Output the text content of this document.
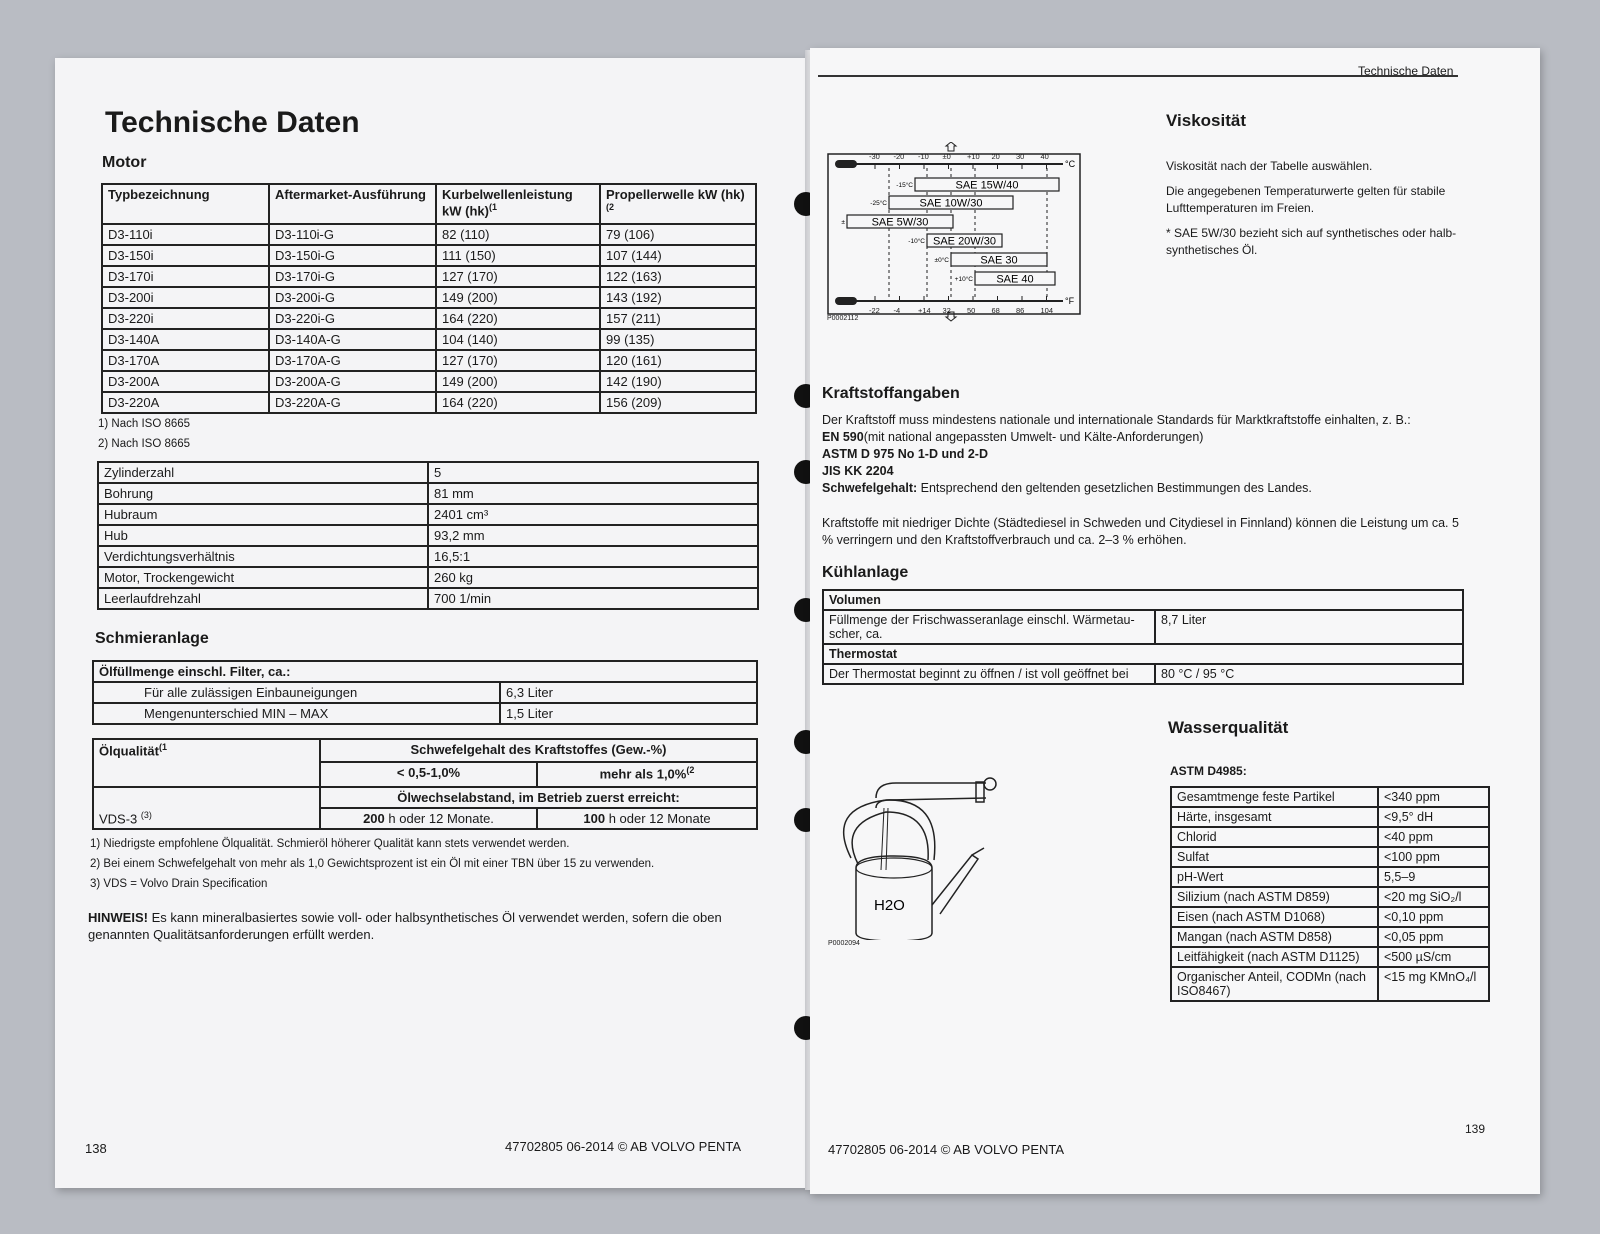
Technische Daten
Motor
Typbezeichnung	Aftermarket-Ausführung	Kurbelwellenleistung kW (hk)$^{(1}$	Propellerwelle kW (hk)$^{(2}$
D3-110i	D3-110i-G	82 (110)	79 (106)
D3-150i	D3-150i-G	111 (150)	107 (144)
D3-170i	D3-170i-G	127 (170)	122 (163)
D3-200i	D3-200i-G	149 (200)	143 (192)
D3-220i	D3-220i-G	164 (220)	157 (211)
D3-140A	D3-140A-G	104 (140)	99 (135)
D3-170A	D3-170A-G	127 (170)	120 (161)
D3-200A	D3-200A-G	149 (200)	142 (190)
D3-220A	D3-220A-G	164 (220)	156 (209)
1) Nach ISO 8665
2) Nach ISO 8665
Zylinderzahl	5
Bohrung	81 mm
Hubraum	2401 cm³
Hub	93,2 mm
Verdichtungsverhältnis	16,5:1
Motor, Trockengewicht	260 kg
Leerlaufdrehzahl	700 1/min
Schmieranlage
Ölfüllmenge einschl. Filter, ca.:	
Für alle zulässigen Einbauneigungen	6,3 Liter
Mengenunterschied MIN – MAX	1,5 Liter
Ölqualität$^{(1}$	Schwefelgehalt des Kraftstoffes (Gew.-%)	
	< 0,5-1,0%	mehr als 1,0%$^{(2}$
VDS-3 $^{(3)}$	Ölwechselabstand, im Betrieb zuerst erreicht:	
	200 h oder 12 Monate.	100 h oder 12 Monate
1) Niedrigste empfohlene Ölqualität. Schmieröl höherer Qualität kann stets verwendet werden.
2) Bei einem Schwefelgehalt von mehr als 1,0 Gewichtsprozent ist ein Öl mit einer TBN über 15 zu verwenden.
3) VDS = Volvo Drain Specification
HINWEIS! Es kann mineralbasiertes sowie voll- oder halbsynthetisches Öl verwendet werden, sofern die oben genannten Qualitätsanforderungen erfüllt werden.
138	47702805 06-2014 © AB VOLVO PENTA
Technische Daten
-30 -20 -10 ±0 +10 20 30 40
-22 -4 +14 32 50 68 86 104
°C
°F
SAE 15W/40
-15°C
SAE 10W/30
-25°C
SAE 5W/30
±
SAE 20W/30
-10°C
SAE 30
±0°C
SAE 40
+10°C
P0002112
Viskosität
Viskosität nach der Tabelle auswählen.
Die angegebenen Temperaturwerte gelten für stabile Lufttemperaturen im Freien.
* SAE 5W/30 bezieht sich auf synthetisches oder halb-synthetisches Öl.
Kraftstoffangaben
Der Kraftstoff muss mindestens nationale und internationale Standards für Marktkraftstoffe einhalten, z. B.:
EN 590(mit national angepassten Umwelt- und Kälte-Anforderungen)
ASTM D 975 No 1-D und 2-D
JIS KK 2204
Schwefelgehalt: Entsprechend den geltenden gesetzlichen Bestimmungen des Landes.
Kraftstoffe mit niedriger Dichte (Städtediesel in Schweden und Citydiesel in Finnland) können die Leistung um ca. 5 % verringern und den Kraftstoffverbrauch und ca. 2–3 % erhöhen.
Kühlanlage
Volumen	
Füllmenge der Frischwasseranlage einschl. Wärmetau-scher, ca.	8,7 Liter
Thermostat	
Der Thermostat beginnt zu öffnen / ist voll geöffnet bei	80 °C / 95 °C
Wasserqualität
ASTM D4985:
H2O
P0002094
Gesamtmenge feste Partikel	<340 ppm
Härte, insgesamt	<9,5° dH
Chlorid	<40 ppm
Sulfat	<100 ppm
pH-Wert	5,5–9
Silizium (nach ASTM D859)	<20 mg SiO₂/l
Eisen (nach ASTM D1068)	<0,10 ppm
Mangan (nach ASTM D858)	<0,05 ppm
Leitfähigkeit (nach ASTM D1125)	<500 µS/cm
Organischer Anteil, CODMn (nach ISO8467)	<15 mg KMnO₄/l
139
47702805 06-2014 © AB VOLVO PENTA
